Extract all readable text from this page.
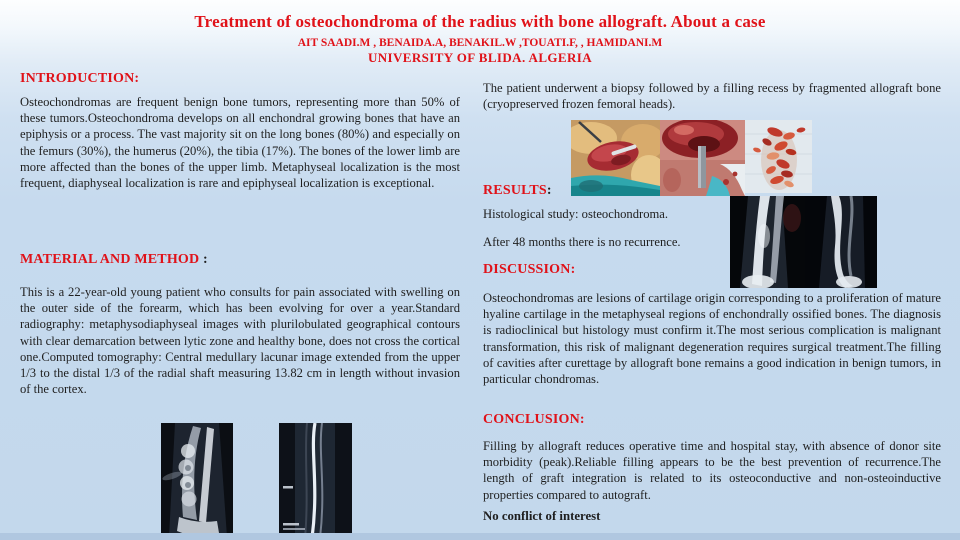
Treatment of osteochondroma of the radius with bone allograft. About a case
AIT SAADI.M , BENAIDA.A, BENAKIL.W ,TOUATI.F, , HAMIDANI.M
UNIVERSITY OF BLIDA. ALGERIA
INTRODUCTION:
Osteochondromas are frequent benign bone tumors, representing more than 50% of these tumors.Osteochondroma develops on all enchondral growing bones that have an epiphysis or a process. The vast majority sit on the long bones (80%) and especially on the femurs (30%), the humerus (20%), the tibia (17%). The bones of the lower limb are more affected than the bones of the upper limb. Metaphyseal localization is the most frequent, diaphyseal localization is rare and epiphyseal localization is exceptional.
MATERIAL AND METHOD :
This is a 22-year-old young patient who consults for pain associated with swelling on the outer side of the forearm, which has been evolving for over a year.Standard radiography: metaphysodiaphyseal images with plurilobulated geographical contours with clear demarcation between lytic zone and healthy bone, does not cross the cortical one.Computed tomography: Central medullary lacunar image extended from the upper 1/3 to the distal 1/3 of the radial shaft measuring 13.82 cm in length without invasion of the cortex.
The patient underwent a biopsy followed by a filling recess by fragmented allograft bone (cryopreserved frozen femoral heads).
RESULTS:
Histological study: osteochondroma.
After 48 months there is no recurrence.
DISCUSSION:
Osteochondromas are lesions of cartilage origin corresponding to a proliferation of mature hyaline cartilage in the metaphyseal regions of enchondrally ossified bones. The diagnosis is radioclinical but histology must confirm it.The most serious complication is malignant transformation, this risk of malignant degeneration requires surgical treatment.The filling of cavities after curettage by allograft bone remains a good indication in benign tumors, in particular chondromas.
CONCLUSION:
Filling by allograft reduces operative time and hospital stay, with absence of donor site morbidity (peak).Reliable filling appears to be the best prevention of recurrence.The length of graft integration is related to its osteoconductive and non-osteoinductive properties compared to autograft.
No conflict of interest
